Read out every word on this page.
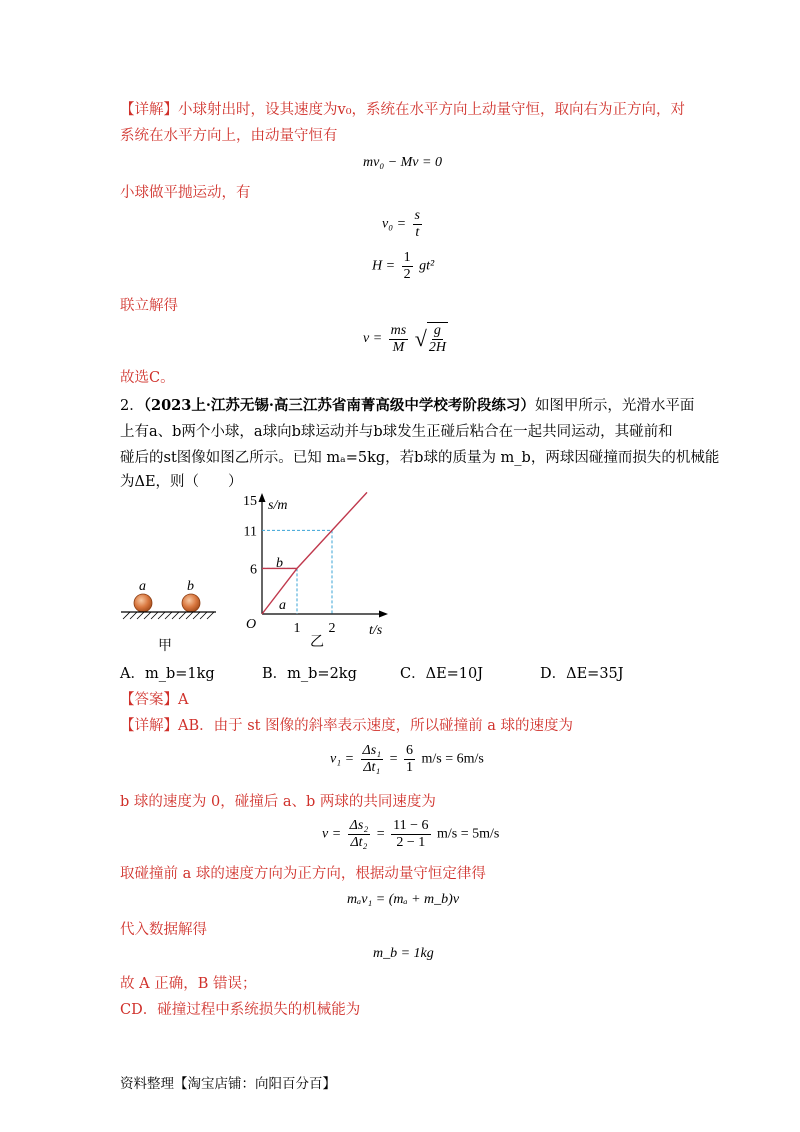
【详解】小球射出时，设其速度为v₀，系统在水平方向上动量守恒，取向右为正方向，对
系统在水平方向上，由动量守恒有
mv₀ − Mv = 0
小球做平抛运动，有
$v_0 = \frac{s}{t}$
$H = \frac{1}{2} gt^2$
联立解得
$v = \frac{ms}{M}$ √ $\frac{g}{2H}$
故选C。
2．（2023上·江苏无锡·高三江苏省南菁高级中学校考阶段练习）如图甲所示，光滑水平面
上有a、b两个小球，a球向b球运动并与b球发生正碰后粘合在一起共同运动，其碰前和
碰后的st图像如图乙所示。已知 mₐ=5kg，若b球的质量为 m_b，两球因碰撞而损失的机械能
为ΔE，则（　　）
a	b
甲
s/m
t/s
O
15
11
6
1 2
b
a
乙
A．m_b=1kg	B．m_b=2kg	C．ΔE=10J	D．ΔE=35J
【答案】A
【详解】AB．由于 st 图像的斜率表示速度，所以碰撞前 a 球的速度为
$v_1 = \frac{\text{Δs₁}}{\text{Δt₁}} = \frac{6}{1} m/s = 6m/s$
b 球的速度为 0，碰撞后 a、b 两球的共同速度为
$v = \frac{\text{Δs₂}}{\text{Δt₂}} = \frac{11 - 6}{2 - 1} m/s = 5m/s$
取碰撞前 a 球的速度方向为正方向，根据动量守恒定律得
mₐv₁ = (mₐ + m_b)v
代入数据解得
m_b = 1kg
故 A 正确，B 错误；
CD．碰撞过程中系统损失的机械能为
资料整理【淘宝店铺：向阳百分百】
